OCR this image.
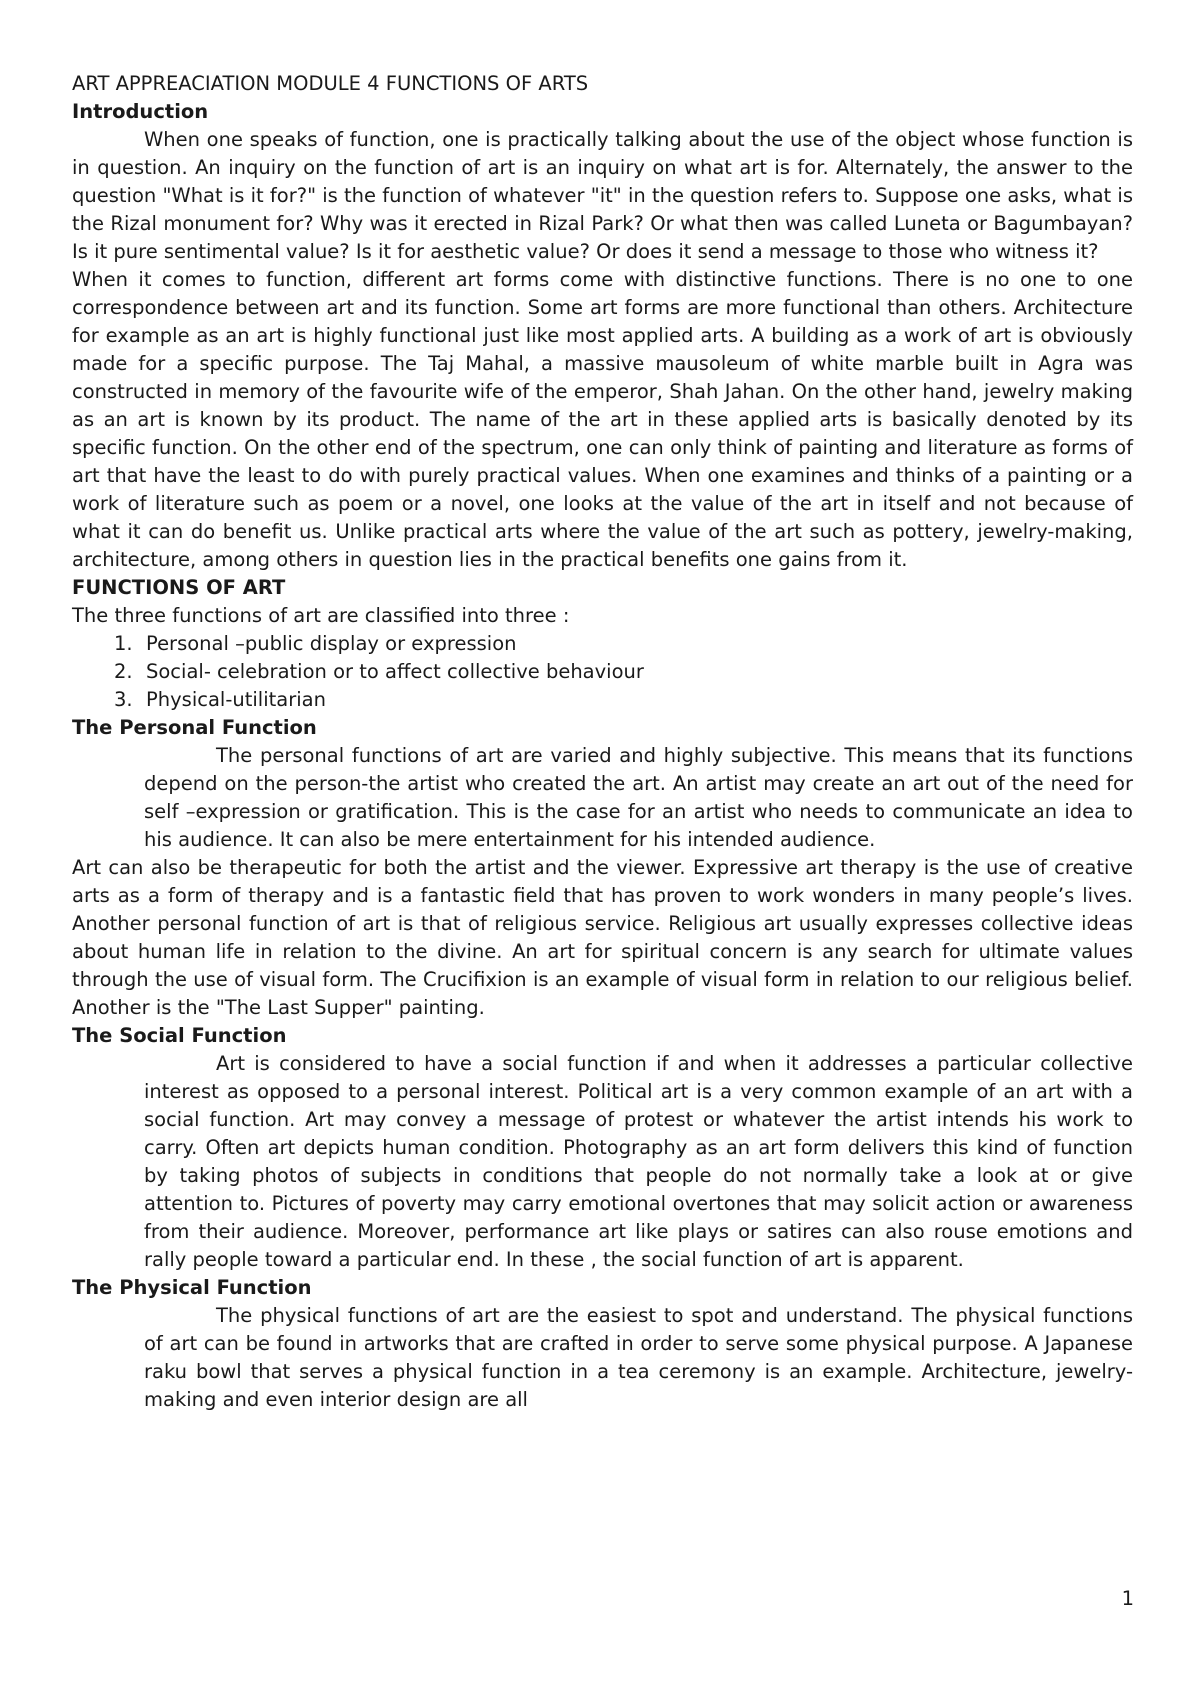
ART APPREACIATION MODULE 4 FUNCTIONS OF ARTS

Introduction

When one speaks of function, one is practically talking about the use of the object whose function is in question. An inquiry on the function of art is an inquiry on what art is for. Alternately, the answer to the question "What is it for?" is the function of whatever "it" in the question refers to. Suppose one asks, what is the Rizal monument for? Why was it erected in Rizal Park? Or what then was called Luneta or Bagumbayan? Is it pure sentimental value? Is it for aesthetic value? Or does it send a message to those who witness it?

When it comes to function, different art forms come with distinctive functions. There is no one to one correspondence between art and its function. Some art forms are more functional than others. Architecture for example as an art is highly functional just like most applied arts. A building as a work of art is obviously made for a specific purpose. The Taj Mahal, a massive mausoleum of white marble built in Agra was constructed in memory of the favourite wife of the emperor, Shah Jahan. On the other hand, jewelry making as an art is known by its product. The name of the art in these applied arts is basically denoted by its specific function. On the other end of the spectrum, one can only think of painting and literature as forms of art that have the least to do with purely practical values. When one examines and thinks of a painting or a work of literature such as poem or a novel, one looks at the value of the art in itself and not because of what it can do benefit us. Unlike practical arts where the value of the art such as pottery, jewelry-making, architecture, among others in question lies in the practical benefits one gains from it.

FUNCTIONS OF ART

The three functions of art are classified into three :

1. Personal –public display or expression
2. Social- celebration or to affect collective behaviour
3. Physical-utilitarian

The Personal Function

The personal functions of art are varied and highly subjective. This means that its functions depend on the person-the artist who created the art. An artist may create an art out of the need for self –expression or gratification. This is the case for an artist who needs to communicate an idea to his audience. It can also be mere entertainment for his intended audience.

Art can also be therapeutic for both the artist and the viewer. Expressive art therapy is the use of creative arts as a form of therapy and is a fantastic field that has proven to work wonders in many people’s lives. Another personal function of art is that of religious service. Religious art usually expresses collective ideas about human life in relation to the divine. An art for spiritual concern is any search for ultimate values through the use of visual form. The Crucifixion is an example of visual form in relation to our religious belief. Another is the "The Last Supper" painting.

The Social Function

Art is considered to have a social function if and when it addresses a particular collective interest as opposed to a personal interest. Political art is a very common example of an art with a social function. Art may convey a message of protest or whatever the artist intends his work to carry. Often art depicts human condition. Photography as an art form delivers this kind of function by taking photos of subjects in conditions that people do not normally take a look at or give attention to. Pictures of poverty may carry emotional overtones that may solicit action or awareness from their audience. Moreover, performance art like plays or satires can also rouse emotions and rally people toward a particular end. In these , the social function of art is apparent.

The Physical Function

The physical functions of art are the easiest to spot and understand. The physical functions of art can be found in artworks that are crafted in order to serve some physical purpose. A Japanese raku bowl that serves a physical function in a tea ceremony is an example. Architecture, jewelry-making and even interior design are all

1
